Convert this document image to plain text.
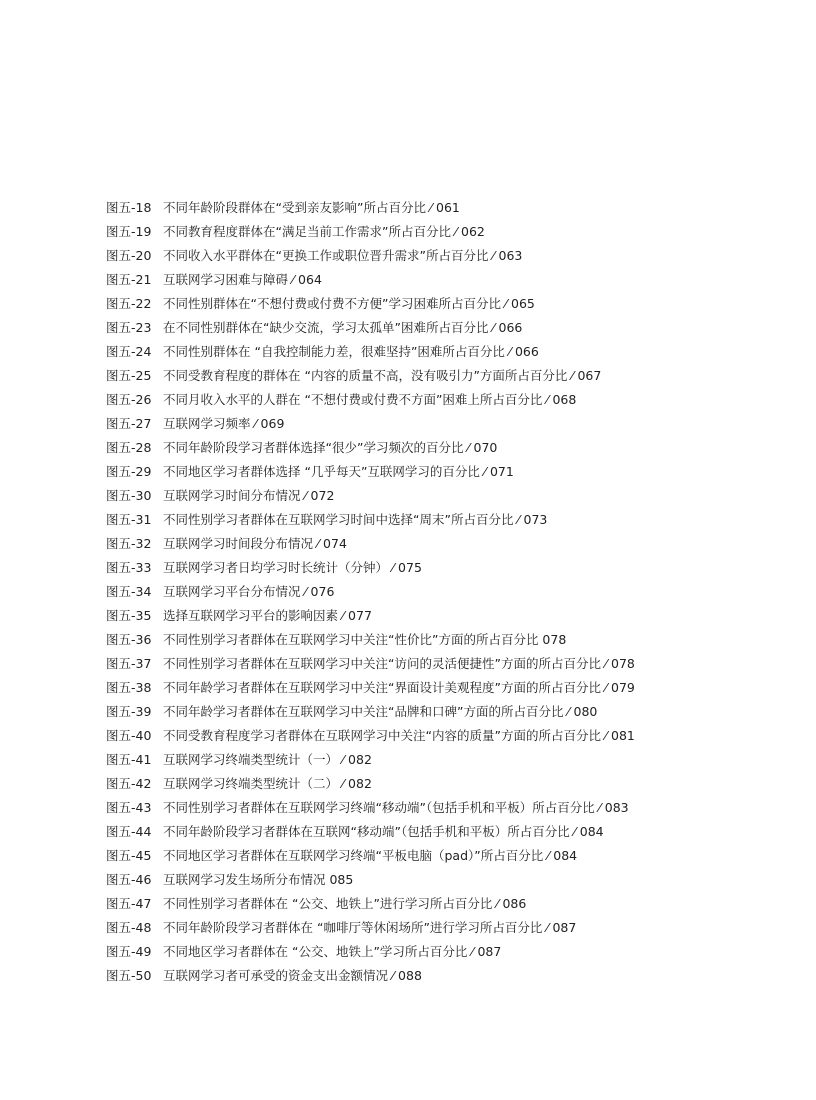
图五-18 不同年龄阶段群体在“受到亲友影响”所占百分比 ⁄ 061
图五-19 不同教育程度群体在“满足当前工作需求”所占百分比 ⁄ 062
图五-20 不同收入水平群体在“更换工作或职位晋升需求”所占百分比 ⁄ 063
图五-21 互联网学习困难与障碍 ⁄ 064
图五-22 不同性别群体在“不想付费或付费不方便”学习困难所占百分比 ⁄ 065
图五-23 在不同性别群体在“缺少交流，学习太孤单”困难所占百分比 ⁄ 066
图五-24 不同性别群体在 “自我控制能力差，很难坚持”困难所占百分比 ⁄ 066
图五-25 不同受教育程度的群体在 “内容的质量不高，没有吸引力”方面所占百分比 ⁄ 067
图五-26 不同月收入水平的人群在 “不想付费或付费不方面”困难上所占百分比 ⁄ 068
图五-27 互联网学习频率 ⁄ 069
图五-28 不同年龄阶段学习者群体选择“很少”学习频次的百分比 ⁄ 070
图五-29 不同地区学习者群体选择 “几乎每天”互联网学习的百分比 ⁄ 071
图五-30 互联网学习时间分布情况 ⁄ 072
图五-31 不同性别学习者群体在互联网学习时间中选择“周末”所占百分比 ⁄ 073
图五-32 互联网学习时间段分布情况 ⁄ 074
图五-33 互联网学习者日均学习时长统计（分钟） ⁄ 075
图五-34 互联网学习平台分布情况 ⁄ 076
图五-35 选择互联网学习平台的影响因素 ⁄ 077
图五-36 不同性别学习者群体在互联网学习中关注“性价比”方面的所占百分比 078
图五-37 不同性别学习者群体在互联网学习中关注“访问的灵活便捷性”方面的所占百分比 ⁄ 078
图五-38 不同年龄学习者群体在互联网学习中关注“界面设计美观程度”方面的所占百分比 ⁄ 079
图五-39 不同年龄学习者群体在互联网学习中关注“品牌和口碑”方面的所占百分比 ⁄ 080
图五-40 不同受教育程度学习者群体在互联网学习中关注“内容的质量”方面的所占百分比 ⁄ 081
图五-41 互联网学习终端类型统计（一） ⁄ 082
图五-42 互联网学习终端类型统计（二） ⁄ 082
图五-43 不同性别学习者群体在互联网学习终端“移动端”（包括手机和平板）所占百分比 ⁄ 083
图五-44 不同年龄阶段学习者群体在互联网“移动端”（包括手机和平板）所占百分比 ⁄ 084
图五-45 不同地区学习者群体在互联网学习终端“平板电脑（pad）”所占百分比 ⁄ 084
图五-46 互联网学习发生场所分布情况 085
图五-47 不同性别学习者群体在 “公交、地铁上”进行学习所占百分比 ⁄ 086
图五-48 不同年龄阶段学习者群体在 “咖啡厅等休闲场所”进行学习所占百分比 ⁄ 087
图五-49 不同地区学习者群体在 “公交、地铁上”学习所占百分比 ⁄ 087
图五-50 互联网学习者可承受的资金支出金额情况 ⁄ 088
